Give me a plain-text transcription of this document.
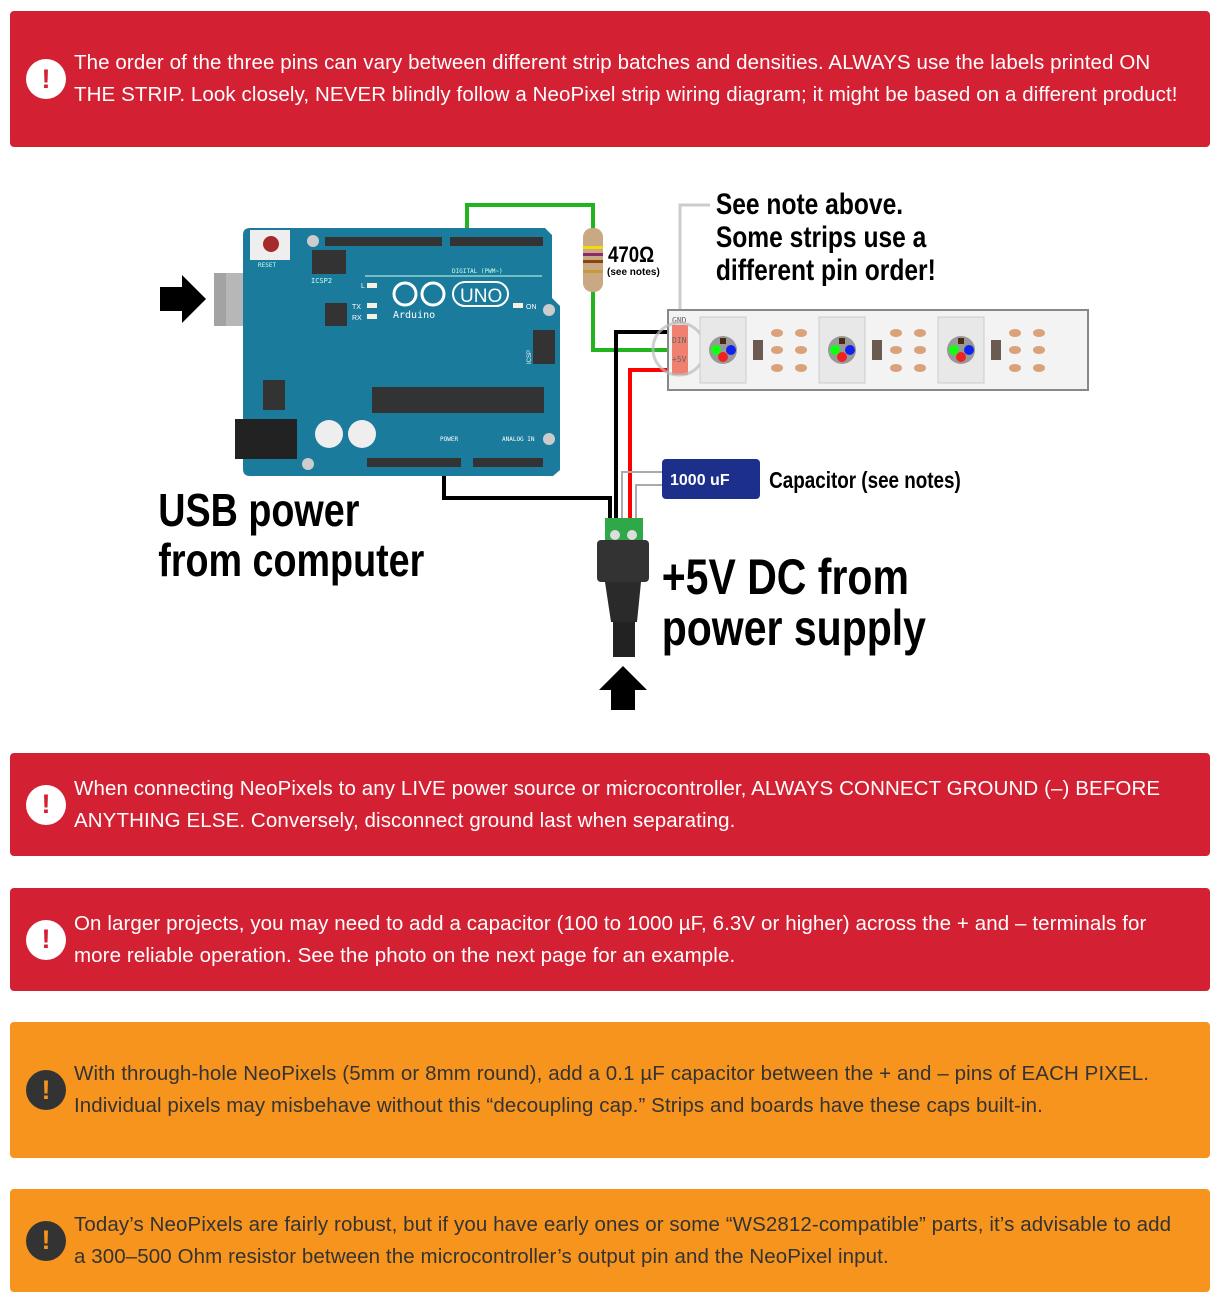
!
The order of the three pins can vary between different strip batches and densities. ALWAYS use the labels printed ON THE STRIP. Look closely, NEVER blindly follow a NeoPixel strip wiring diagram; it might be based on a different product!
470Ω
(see notes)
RESET
ICSP2
DIGITAL (PWM~)
UNO
Arduino
L
TX
RX
ON
ICSP
POWER	ANALOG IN
USB power
from computer
See note above.
Some strips use a
different pin order!
GND
DIN
+5V
1000 uF Capacitor (see notes)
+5V DC from
power supply
!
When connecting NeoPixels to any LIVE power source or microcontroller, ALWAYS CONNECT GROUND (–) BEFORE ANYTHING ELSE. Conversely, disconnect ground last when separating.
!
On larger projects, you may need to add a capacitor (100 to 1000 µF, 6.3V or higher) across the + and – terminals for more reliable operation. See the photo on the next page for an example.
!
With through-hole NeoPixels (5mm or 8mm round), add a 0.1 µF capacitor between the + and – pins of EACH PIXEL. Individual pixels may misbehave without this “decoupling cap.” Strips and boards have these caps built-in.
!
Today’s NeoPixels are fairly robust, but if you have early ones or some “WS2812-compatible” parts, it’s advisable to add a 300–500 Ohm resistor between the microcontroller’s output pin and the NeoPixel input.
